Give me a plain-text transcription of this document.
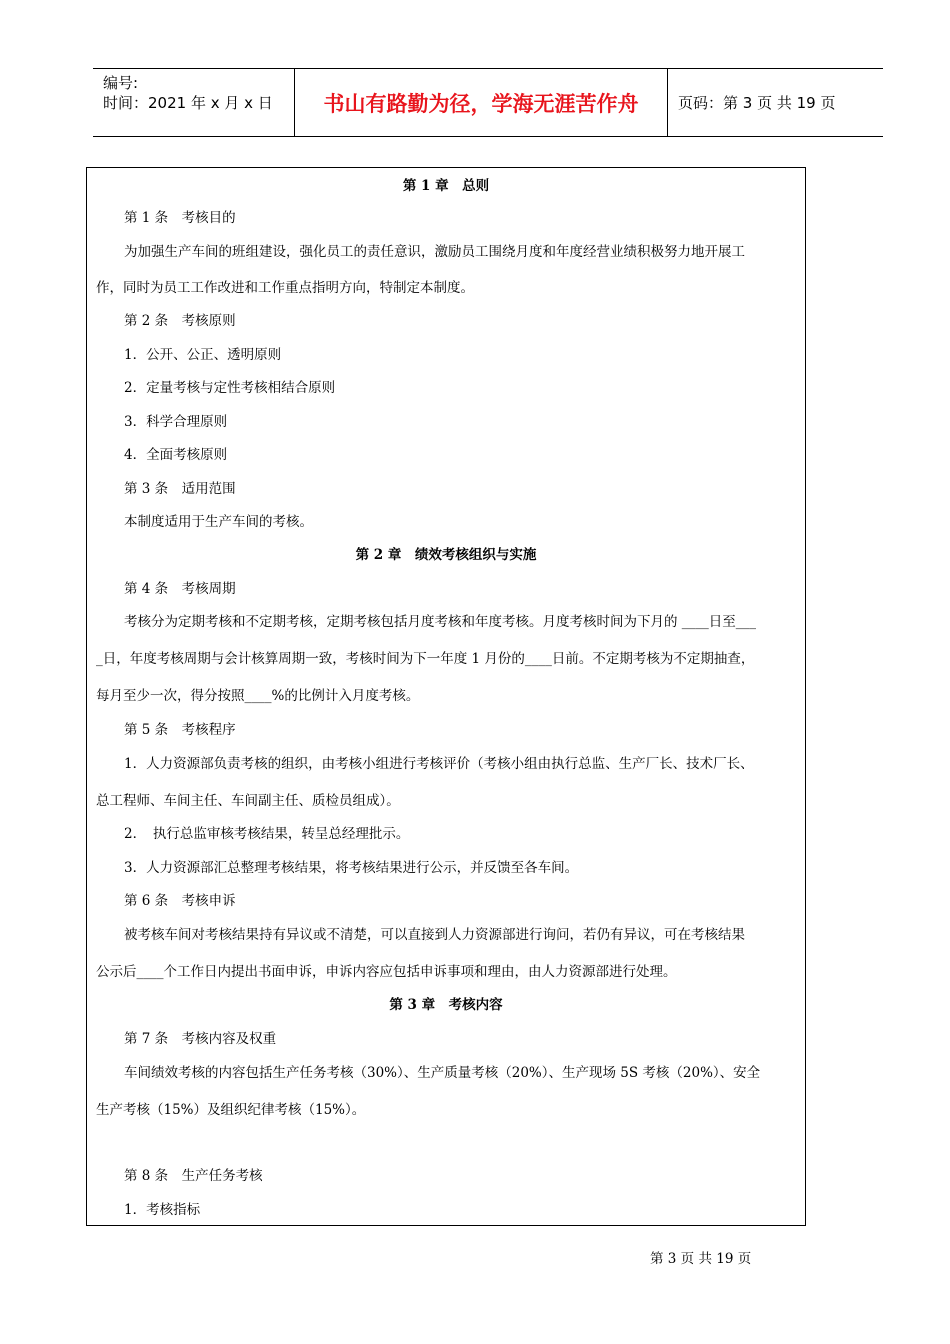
编号:
时间：2021 年 x 月 x 日 书山有路勤为径，学海无涯苦作舟	页码：第 3 页 共 19 页
第 1 章　总则
第 1 条　考核目的
为加强生产车间的班组建设，强化员工的责任意识，激励员工围绕月度和年度经营业绩积极努力地开展工
作，同时为员工工作改进和工作重点指明方向，特制定本制度。
第 2 条　考核原则
1．公开、公正、透明原则
2．定量考核与定性考核相结合原则
3．科学合理原则
4．全面考核原则
第 3 条　适用范围
本制度适用于生产车间的考核。
第 2 章　绩效考核组织与实施
第 4 条　考核周期
考核分为定期考核和不定期考核，定期考核包括月度考核和年度考核。月度考核时间为下月的 ____日至___
_日，年度考核周期与会计核算周期一致，考核时间为下一年度 1 月份的____日前。不定期考核为不定期抽查，
每月至少一次，得分按照____%的比例计入月度考核。
第 5 条　考核程序
1．人力资源部负责考核的组织，由考核小组进行考核评价（考核小组由执行总监、生产厂长、技术厂长、
总工程师、车间主任、车间副主任、质检员组成）。
2．　执行总监审核考核结果，转呈总经理批示。
3．人力资源部汇总整理考核结果，将考核结果进行公示，并反馈至各车间。
第 6 条　考核申诉
被考核车间对考核结果持有异议或不清楚，可以直接到人力资源部进行询问，若仍有异议，可在考核结果
公示后____个工作日内提出书面申诉，申诉内容应包括申诉事项和理由，由人力资源部进行处理。
第 3 章　考核内容
第 7 条　考核内容及权重
车间绩效考核的内容包括生产任务考核（30%）、生产质量考核（20%）、生产现场 5S 考核（20%）、安全
生产考核（15%）及组织纪律考核（15%）。
第 8 条　生产任务考核
1．考核指标
第 3 页 共 19 页
